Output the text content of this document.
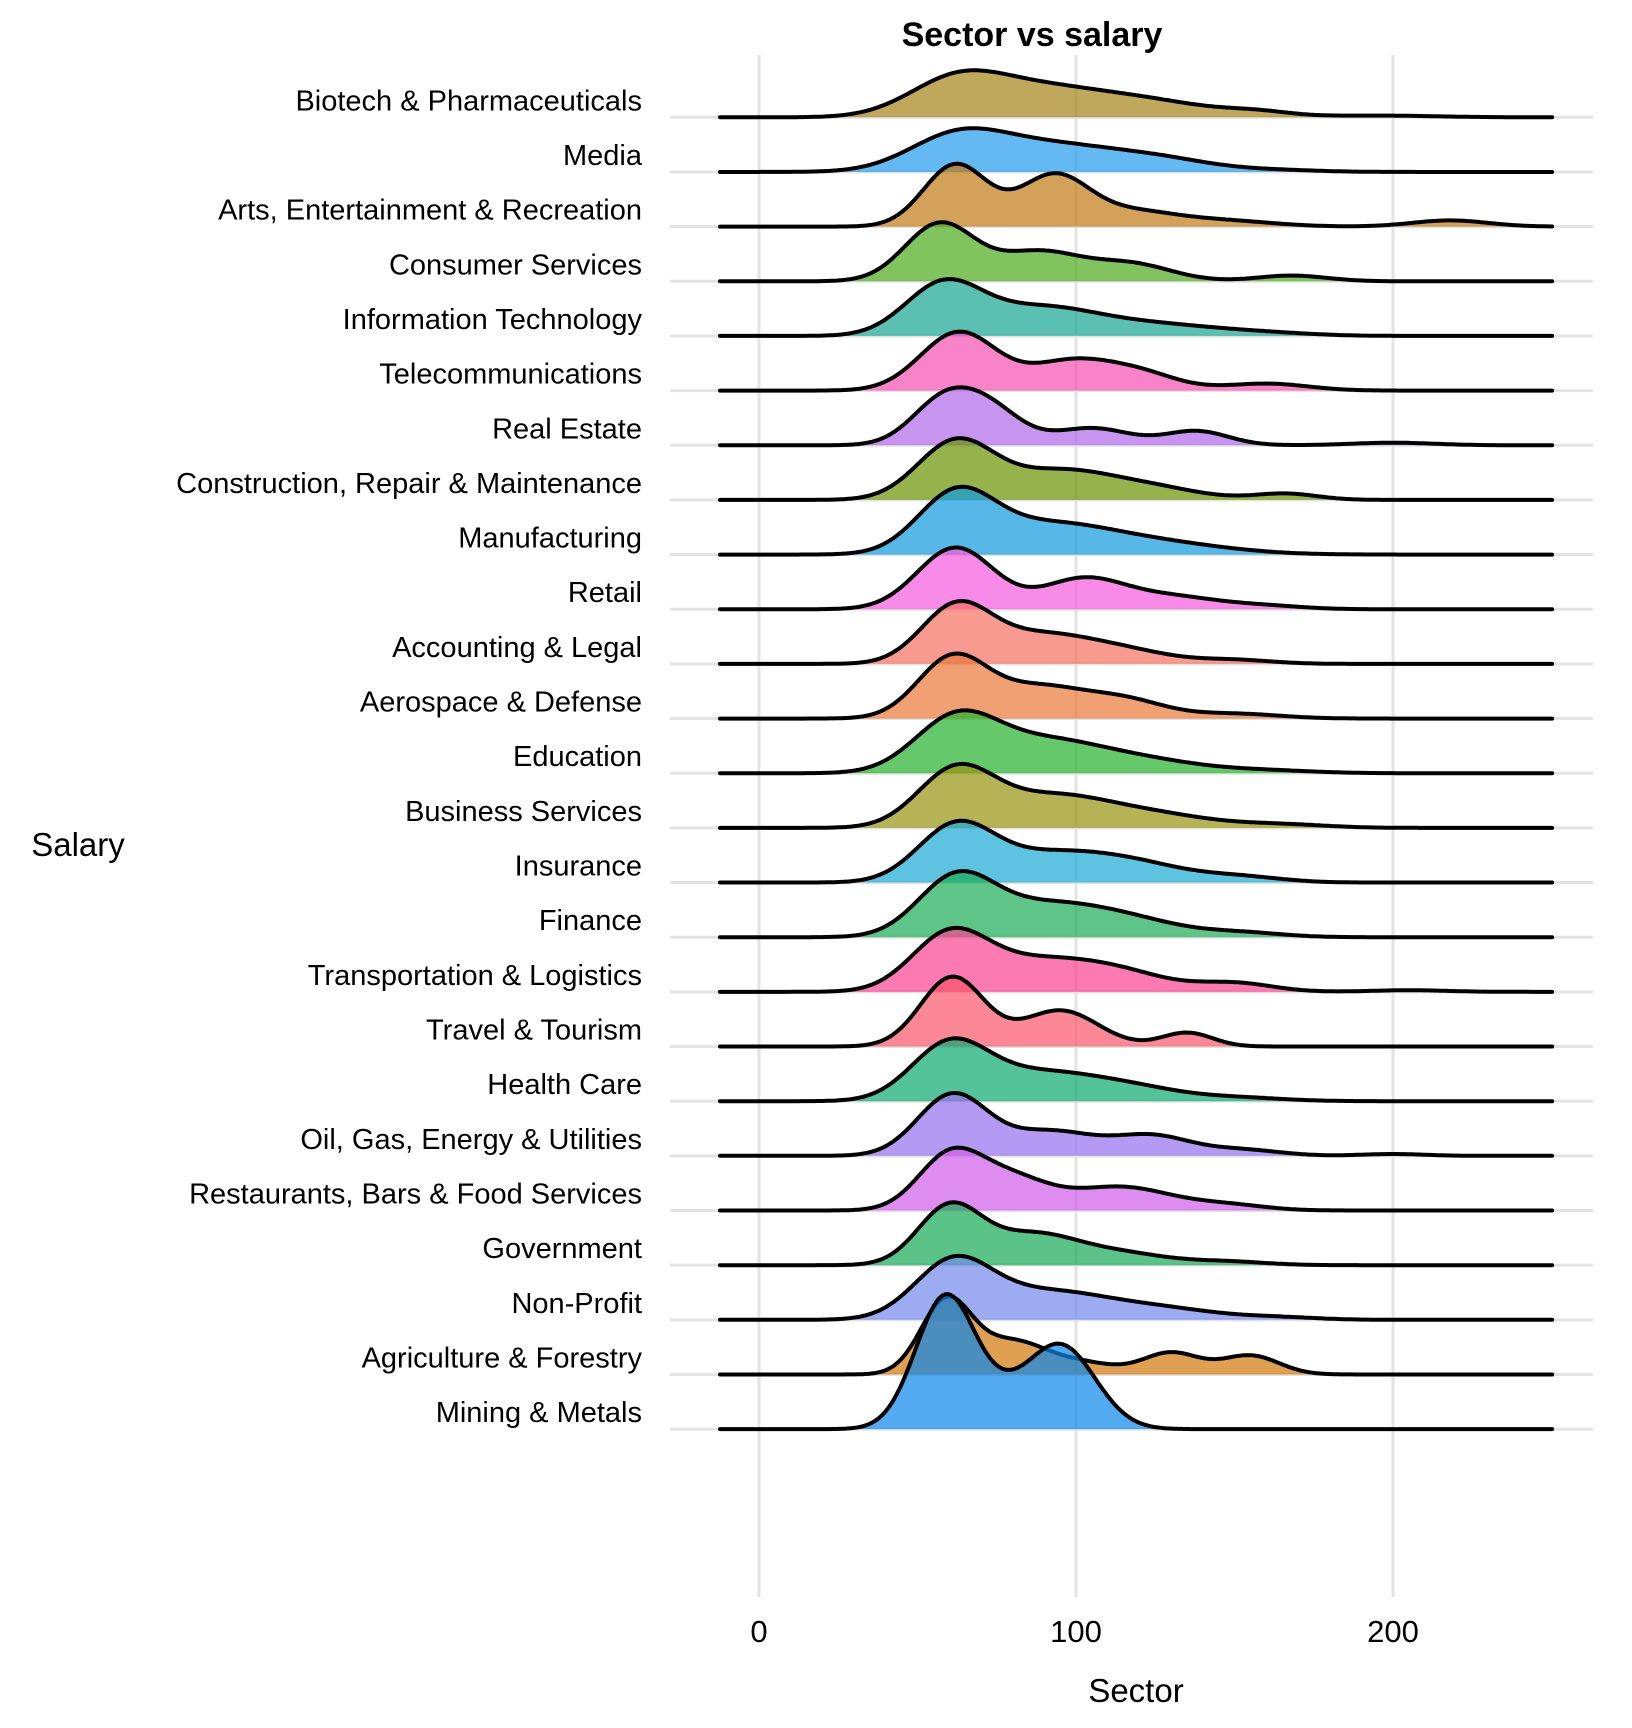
Biotech & Pharmaceuticals
Media
Arts, Entertainment & Recreation
Consumer Services
Information Technology
Telecommunications
Real Estate
Construction, Repair & Maintenance
Manufacturing
Retail
Accounting & Legal
Aerospace & Defense
Education
Business Services
Insurance
Finance
Transportation & Logistics
Travel & Tourism
Health Care
Oil, Gas, Energy & Utilities
Restaurants, Bars & Food Services
Government
Non-Profit
Agriculture & Forestry
Mining & Metals
0	100	200
Sector vs salary
Salary
Sector
